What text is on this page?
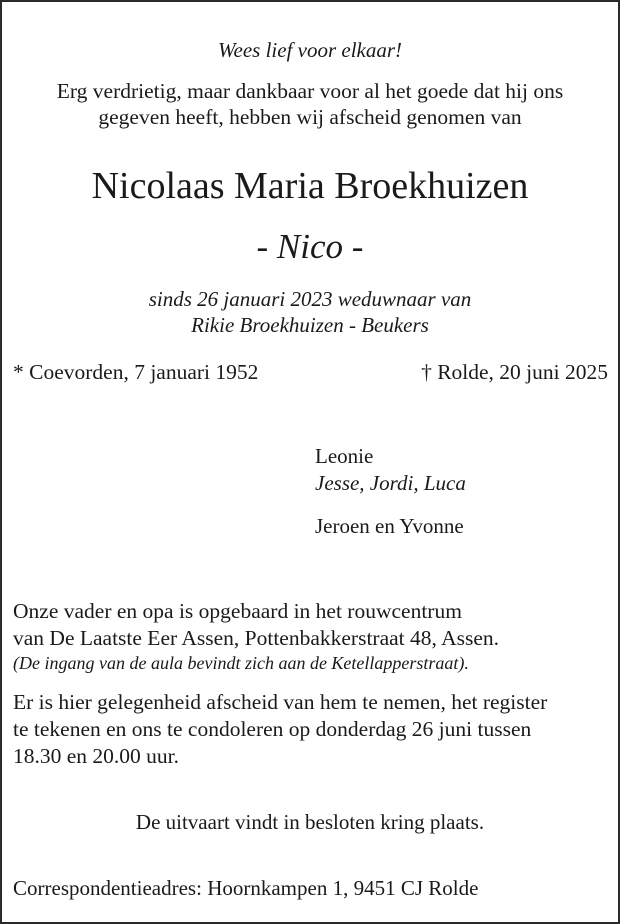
Wees lief voor elkaar!

Erg verdrietig, maar dankbaar voor al het goede dat hij ons
gegeven heeft, hebben wij afscheid genomen van
Nicolaas Maria Broekhuizen

- Nico -

sinds 26 januari 2023 weduwnaar van
Rikie Broekhuizen - Beukers
* Coevorden, 7 januari 1952	† Rolde, 20 juni 2025
Leonie
Jesse, Jordi, Luca
Jeroen en Yvonne
Onze vader en opa is opgebaard in het rouwcentrum
van De Laatste Eer Assen, Pottenbakkerstraat 48, Assen.

(De ingang van de aula bevindt zich aan de Ketellapperstraat).

Er is hier gelegenheid afscheid van hem te nemen, het register
te tekenen en ons te condoleren op donderdag 26 juni tussen
18.30 en 20.00 uur.

De uitvaart vindt in besloten kring plaats.

Correspondentieadres: Hoornkampen 1, 9451 CJ Rolde
